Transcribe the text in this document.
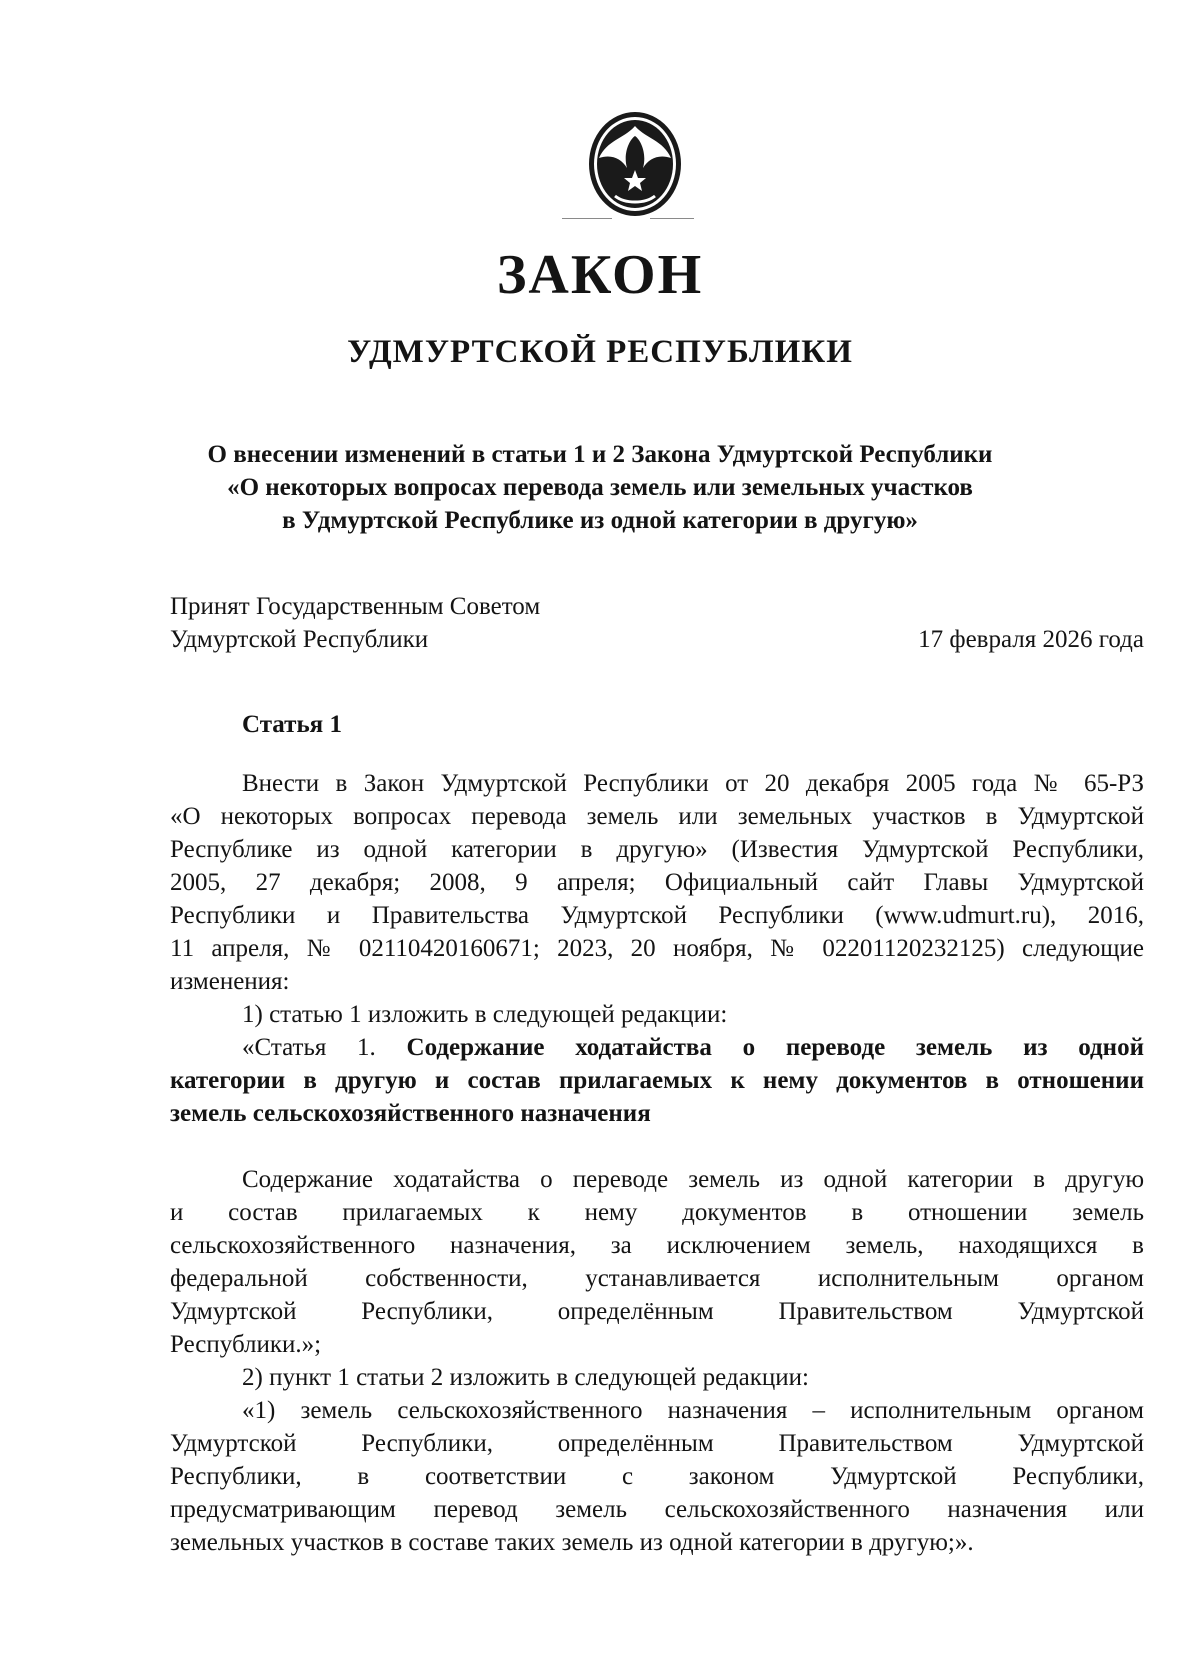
ЗАКОН
УДМУРТСКОЙ РЕСПУБЛИКИ
О внесении изменений в статьи 1 и 2 Закона Удмуртской Республики
«О некоторых вопросах перевода земель или земельных участков
в Удмуртской Республике из одной категории в другую»
Принят Государственным Советом
Удмуртской Республики	17 февраля 2026 года
Статья 1
Внести в Закон Удмуртской Республики от 20 декабря 2005 года № 65-РЗ
«О некоторых вопросах перевода земель или земельных участков в Удмуртской
Республике из одной категории в другую» (Известия Удмуртской Республики,
2005, 27 декабря; 2008, 9 апреля; Официальный сайт Главы Удмуртской
Республики и Правительства Удмуртской Республики (www.udmurt.ru), 2016,
11 апреля, № 02110420160671; 2023, 20 ноября, № 02201120232125) следующие
изменения:
1) статью 1 изложить в следующей редакции:
«Статья 1. Содержание ходатайства о переводе земель из одной
категории в другую и состав прилагаемых к нему документов в отношении
земель сельскохозяйственного назначения
Содержание ходатайства о переводе земель из одной категории в другую
и состав прилагаемых к нему документов в отношении земель
сельскохозяйственного назначения, за исключением земель, находящихся в
федеральной собственности, устанавливается исполнительным органом
Удмуртской Республики, определённым Правительством Удмуртской
Республики.»;
2) пункт 1 статьи 2 изложить в следующей редакции:
«1) земель сельскохозяйственного назначения – исполнительным органом
Удмуртской Республики, определённым Правительством Удмуртской
Республики, в соответствии с законом Удмуртской Республики,
предусматривающим перевод земель сельскохозяйственного назначения или
земельных участков в составе таких земель из одной категории в другую;».
